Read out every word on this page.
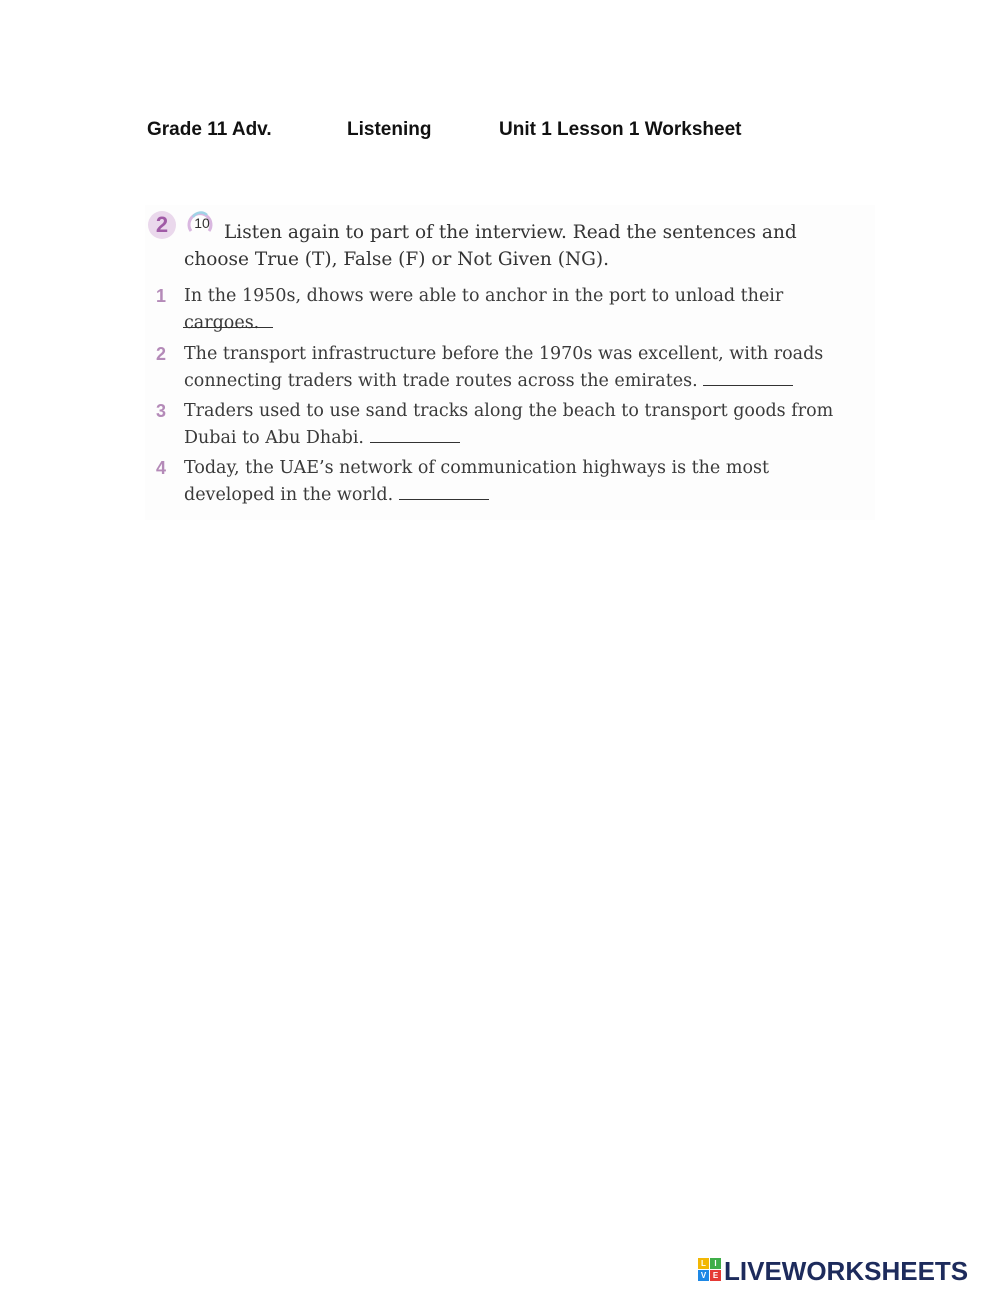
Grade 11 Adv.	Listening	Unit 1 Lesson 1 Worksheet
2	10 Listen again to part of the interview. Read the sentences and choose True (T), False (F) or Not Given (NG).
1 In the 1950s, dhows were able to anchor in the port to unload their cargoes.
2 The transport infrastructure before the 1970s was excellent, with roads connecting traders with trade routes across the emirates.
3 Traders used to use sand tracks along the beach to transport goods from Dubai to Abu Dhabi.
4 Today, the UAE’s network of communication highways is the most developed in the world.
L	I
V E LIVEWORKSHEETS
